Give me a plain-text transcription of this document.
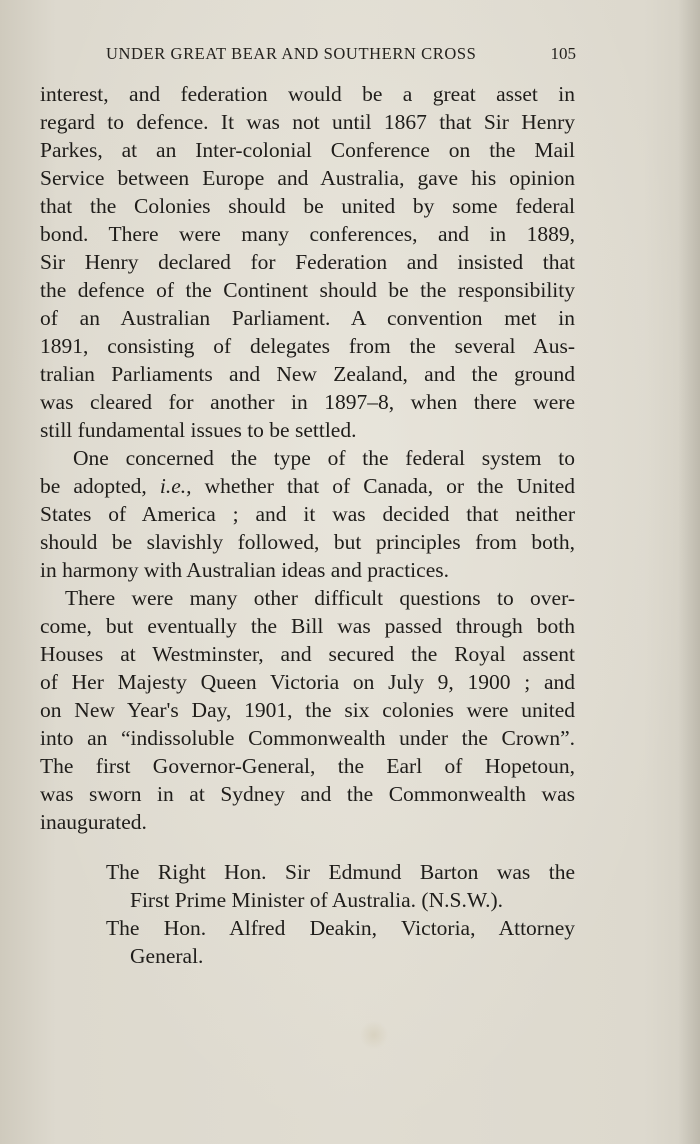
UNDER GREAT BEAR AND SOUTHERN CROSS	105
interest, and federation would be a great asset in
regard to defence. It was not until 1867 that Sir Henry
Parkes, at an Inter-colonial Conference on the Mail
Service between Europe and Australia, gave his opinion
that the Colonies should be united by some federal
bond. There were many conferences, and in 1889,
Sir Henry declared for Federation and insisted that
the defence of the Continent should be the responsibility
of an Australian Parliament. A convention met in
1891, consisting of delegates from the several Aus-
tralian Parliaments and New Zealand, and the ground
was cleared for another in 1897–8, when there were
still fundamental issues to be settled.
One concerned the type of the federal system to
be adopted, i.e., whether that of Canada, or the United
States of America ; and it was decided that neither
should be slavishly followed, but principles from both,
in harmony with Australian ideas and practices.
There were many other difficult questions to over-
come, but eventually the Bill was passed through both
Houses at Westminster, and secured the Royal assent
of Her Majesty Queen Victoria on July 9, 1900 ; and
on New Year's Day, 1901, the six colonies were united
into an “indissoluble Commonwealth under the Crown”.
The first Governor-General, the Earl of Hopetoun,
was sworn in at Sydney and the Commonwealth was
inaugurated.
The Right Hon. Sir Edmund Barton was the
First Prime Minister of Australia. (N.S.W.).
The Hon. Alfred Deakin, Victoria, Attorney
General.
